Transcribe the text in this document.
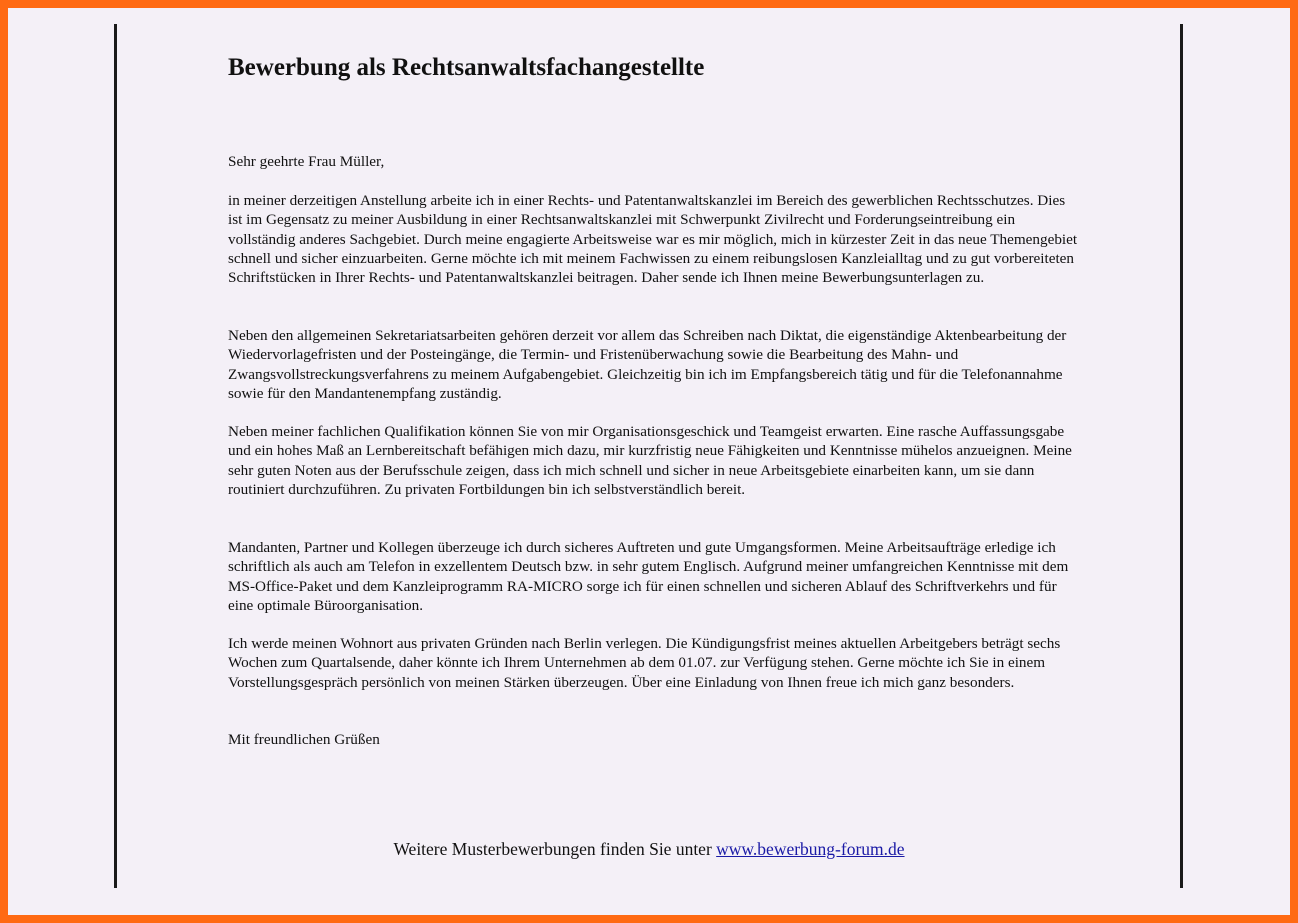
Bewerbung als Rechtsanwaltsfachangestellte

Sehr geehrte Frau Müller,

in meiner derzeitigen Anstellung arbeite ich in einer Rechts- und Patentanwaltskanzlei im Bereich des gewerblichen Rechtsschutzes. Dies ist im Gegensatz zu meiner Ausbildung in einer Rechtsanwaltskanzlei mit Schwerpunkt Zivilrecht und Forderungseintreibung ein vollständig anderes Sachgebiet. Durch meine engagierte Arbeitsweise war es mir möglich, mich in kürzester Zeit in das neue Themengebiet schnell und sicher einzuarbeiten. Gerne möchte ich mit meinem Fachwissen zu einem reibungslosen Kanzleialltag und zu gut vorbereiteten Schriftstücken in Ihrer Rechts- und Patentanwaltskanzlei beitragen. Daher sende ich Ihnen meine Bewerbungsunterlagen zu.

Neben den allgemeinen Sekretariatsarbeiten gehören derzeit vor allem das Schreiben nach Diktat, die eigenständige Aktenbearbeitung der Wiedervorlagefristen und der Posteingänge, die Termin- und Fristenüberwachung sowie die Bearbeitung des Mahn- und Zwangsvollstreckungsverfahrens zu meinem Aufgabengebiet. Gleichzeitig bin ich im Empfangsbereich tätig und für die Telefonannahme sowie für den Mandantenempfang zuständig.

Neben meiner fachlichen Qualifikation können Sie von mir Organisationsgeschick und Teamgeist erwarten. Eine rasche Auffassungsgabe und ein hohes Maß an Lernbereitschaft befähigen mich dazu, mir kurzfristig neue Fähigkeiten und Kenntnisse mühelos anzueignen. Meine sehr guten Noten aus der Berufsschule zeigen, dass ich mich schnell und sicher in neue Arbeitsgebiete einarbeiten kann, um sie dann routiniert durchzuführen. Zu privaten Fortbildungen bin ich selbstverständlich bereit.

Mandanten, Partner und Kollegen überzeuge ich durch sicheres Auftreten und gute Umgangsformen. Meine Arbeitsaufträge erledige ich schriftlich als auch am Telefon in exzellentem Deutsch bzw. in sehr gutem Englisch. Aufgrund meiner umfangreichen Kenntnisse mit dem MS-Office-Paket und dem Kanzleiprogramm RA-MICRO sorge ich für einen schnellen und sicheren Ablauf des Schriftverkehrs und für eine optimale Büroorganisation.

Ich werde meinen Wohnort aus privaten Gründen nach Berlin verlegen. Die Kündigungsfrist meines aktuellen Arbeitgebers beträgt sechs Wochen zum Quartalsende, daher könnte ich Ihrem Unternehmen ab dem 01.07. zur Verfügung stehen. Gerne möchte ich Sie in einem Vorstellungsgespräch persönlich von meinen Stärken überzeugen. Über eine Einladung von Ihnen freue ich mich ganz besonders.

Mit freundlichen Grüßen

Weitere Musterbewerbungen finden Sie unter www.bewerbung-forum.de
